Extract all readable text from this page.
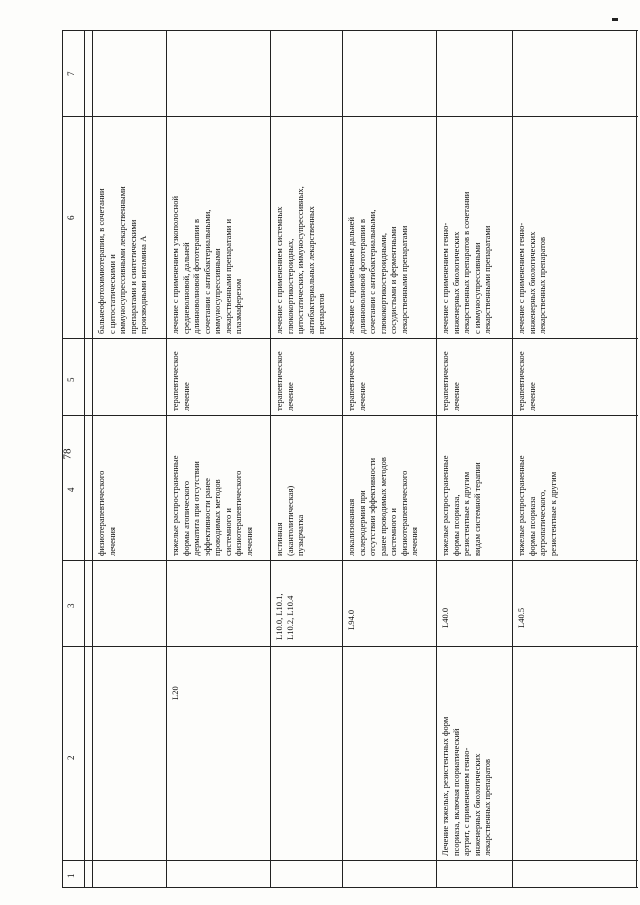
78
1
2
3
4
5
6
7
физиотерапевтического
лечения
бальнеофотохимиотерапии, в сочетании
с цитостатическими и
иммуносупрессивными лекарственными
препаратами и синтетическими
производными витамина А
L20
тяжелые распространенные
формы атопического
дерматита при отсутствии
эффективности ранее
проводимых методов
системного и
физиотерапевтического
лечения
терапевтическое
лечение
лечение с применением узкополосной
средневолновой, дальней
длинноволновой фототерапии в
сочетании с антибактериальными,
иммуносупрессивными
лекарственными препаратами и
плазмаферезом
L10.0, L10.1,
L10.2, L10.4
истинная
(акантолитическая)
пузырчатка
терапевтическое
лечение
лечение с применением системных
глюкокортикостероидных,
цитостатических, иммуносупрессивных,
антибактериальных лекарственных
препаратов
L94.0
локализованная
склеродермия при
отсутствии эффективности
ранее проводимых методов
системного и
физиотерапевтического
лечения
терапевтическое
лечение
лечение с применением дальней
длинноволновой фототерапии в
сочетании с антибактериальными,
глюкокортикостероидными,
сосудистыми и ферментными
лекарственными препаратами
Лечение тяжелых, резистентных форм
псориаза, включая псориатический
артрит, с применением генно-
инженерных биологических
лекарственных препаратов
L40.0
тяжелые распространенные
формы псориаза,
резистентные к другим
видам системной терапии
терапевтическое
лечение
лечение с применением генно-
инженерных биологических
лекарственных препаратов в сочетании
с иммуносупрессивными
лекарственными препаратами
L40.5
тяжелые распространенные
формы псориаза
артропатического,
резистентные к другим
терапевтическое
лечение
лечение с применением генно-
инженерных биологических
лекарственных препаратов
